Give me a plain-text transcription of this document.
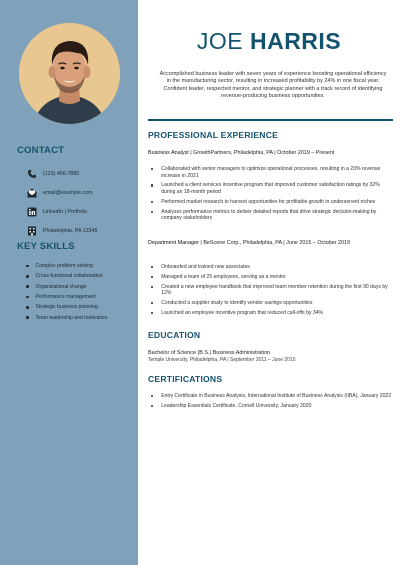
CONTACT
(123) 456-7890
email@example.com
LinkedIn | Portfolio
Philadelphia, PA 12345
KEY SKILLS
Complex problem-solving
Cross-functional collaboration
Organizational change
Performance management
Strategic business planning
Team leadership and motivation
JOE HARRIS
Accomplished business leader with seven years of experience boosting operational efficiency in the manufacturing sector, resulting in increased profitability by 24% in one fiscal year. Confident leader, respected mentor, and strategic planner with a track record of identifying revenue-producing business opportunities.
PROFESSIONAL EXPERIENCE
Business Analyst | GrowthPartners, Philadelphia, PA | October 2019 – Present
Collaborated with senior managers to optimize operational processes, resulting in a 23% revenue increase in 2021
Launched a client services incentive program that improved customer satisfaction ratings by 32% during an 18-month period
Performed market research to harvest opportunities for profitable growth in underserved niches
Analyzes performance metrics to deliver detailed reports that drive strategic decision-making by company stakeholders
Department Manager | BeScene Corp., Philadelphia, PA | June 2015 – October 2019
Onboarded and trained new associates
Managed a team of 25 employees, serving as a mentor
Created a new employee handbook that improved team member retention during the first 90 days by 12%
Conducted a supplier study to identify vendor savings opportunities
Launched an employee incentive program that reduced call-offs by 34%
EDUCATION
Bachelor of Science (B.S.) Business Administration
Temple University, Philadelphia, PA | September 2011 – June 2015
CERTIFICATIONS
Entry Certificate in Business Analysis, International Institute of Business Analysis (IIBA), January 2022
Leadership Essentials Certificate, Cornell University, January 2020
